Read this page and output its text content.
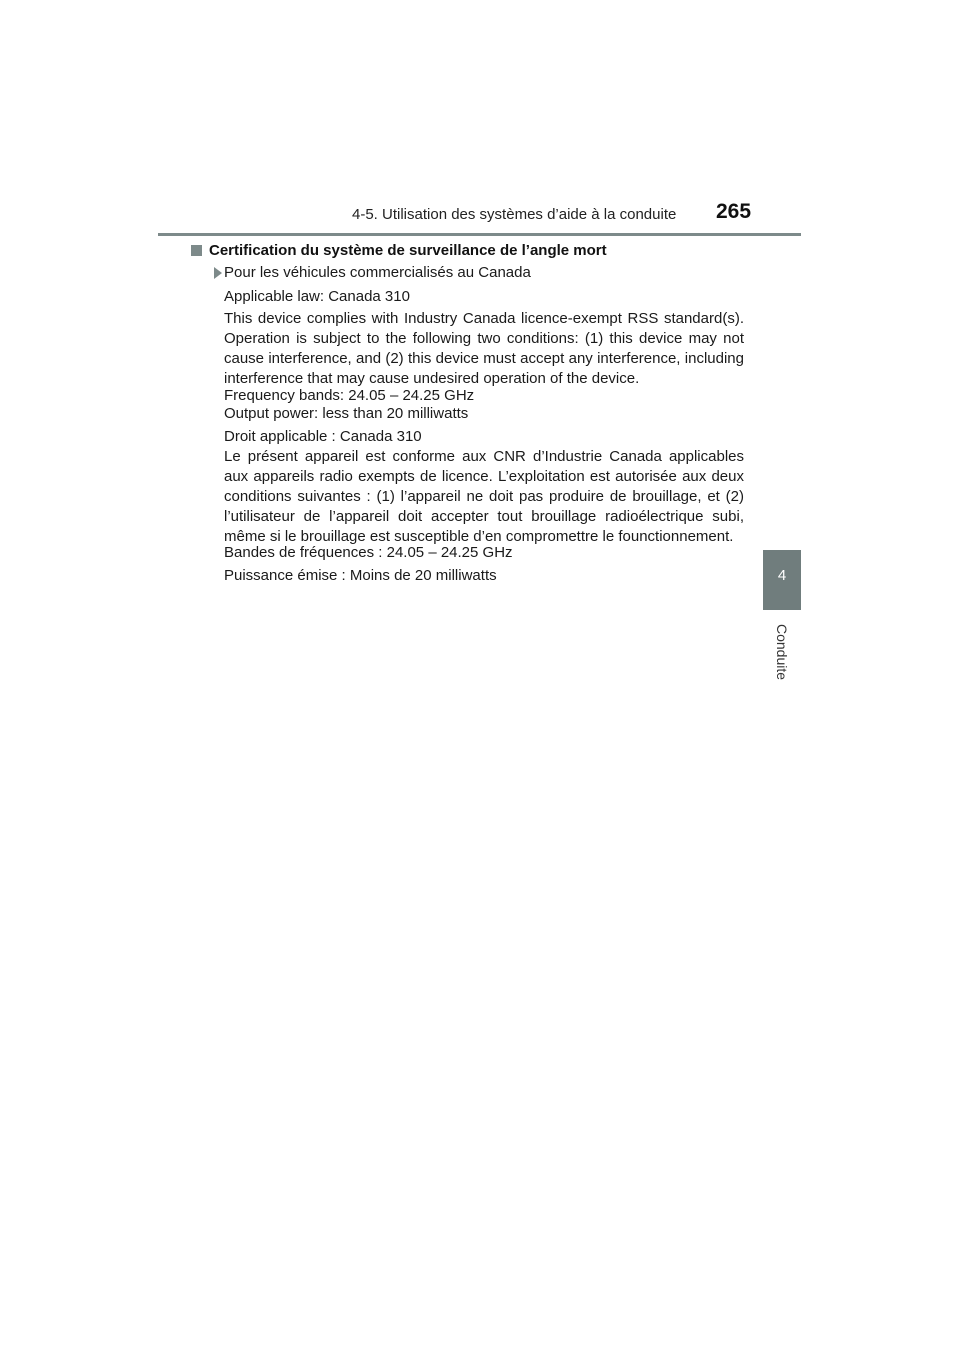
4-5. Utilisation des systèmes d’aide à la conduite 265
4
Conduite
Certification du système de surveillance de l’angle mort
Pour les véhicules commercialisés au Canada

Applicable law: Canada 310

This device complies with Industry Canada licence-exempt RSS standard(s). Operation is subject to the following two conditions: (1) this device may not cause interference, and (2) this device must accept any interference, including interference that may cause undesired operation of the device.

Frequency bands: 24.05 – 24.25 GHz

Output power: less than 20 milliwatts

Droit applicable : Canada 310

Le présent appareil est conforme aux CNR d’Industrie Canada applicables aux appareils radio exempts de licence. L’exploitation est autorisée aux deux conditions suivantes : (1) l’appareil ne doit pas produire de brouillage, et (2) l’utilisateur de l’appareil doit accepter tout brouillage radioélectrique subi, même si le brouillage est susceptible d’en compromettre le founctionnement.

Bandes de fréquences : 24.05 – 24.25 GHz

Puissance émise : Moins de 20 milliwatts
